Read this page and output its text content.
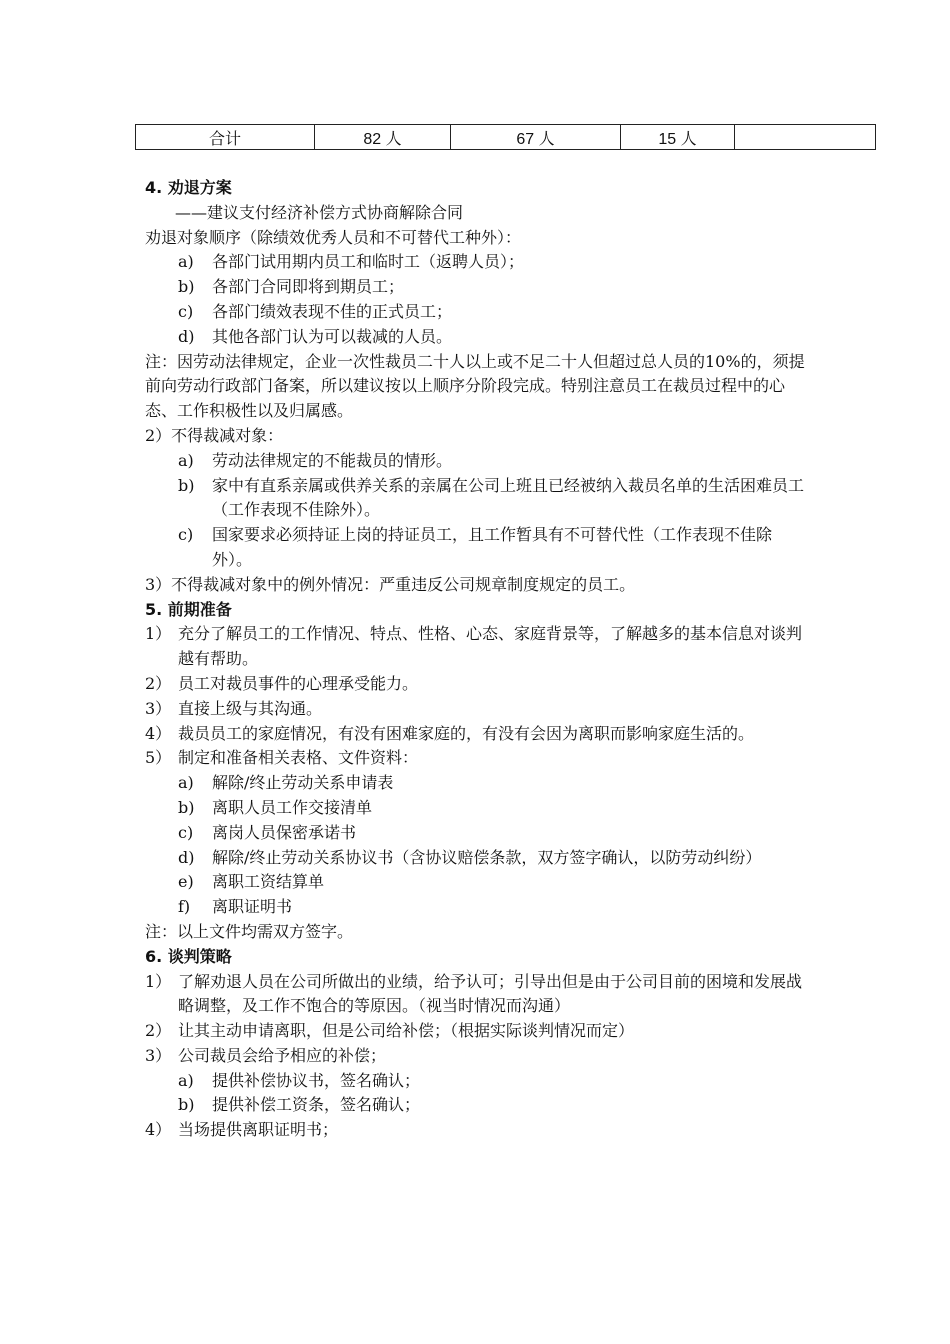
合计	82 人	67 人	15 人	
4. 劝退方案
——建议支付经济补偿方式协商解除合同
劝退对象顺序（除绩效优秀人员和不可替代工种外）：
a)	各部门试用期内员工和临时工（返聘人员）；
b)	各部门合同即将到期员工；
c)	各部门绩效表现不佳的正式员工；
d)	其他各部门认为可以裁减的人员。
注：因劳动法律规定，企业一次性裁员二十人以上或不足二十人但超过总人员的10%的，须提前向劳动行政部门备案，所以建议按以上顺序分阶段完成。特别注意员工在裁员过程中的心态、工作积极性以及归属感。
2）不得裁减对象：
a)	劳动法律规定的不能裁员的情形。
b)	家中有直系亲属或供养关系的亲属在公司上班且已经被纳入裁员名单的生活困难员工（工作表现不佳除外）。
c)	国家要求必须持证上岗的持证员工，且工作暂具有不可替代性（工作表现不佳除外）。
3）不得裁减对象中的例外情况：严重违反公司规章制度规定的员工。
5. 前期准备
1） 充分了解员工的工作情况、特点、性格、心态、家庭背景等，了解越多的基本信息对谈判越有帮助。
2） 员工对裁员事件的心理承受能力。
3） 直接上级与其沟通。
4） 裁员员工的家庭情况，有没有困难家庭的，有没有会因为离职而影响家庭生活的。
5） 制定和准备相关表格、文件资料：
a)	解除/终止劳动关系申请表
b)	离职人员工作交接清单
c)	离岗人员保密承诺书
d)	解除/终止劳动关系协议书（含协议赔偿条款，双方签字确认，以防劳动纠纷）
e)	离职工资结算单
f)	离职证明书
注：以上文件均需双方签字。
6. 谈判策略
1） 了解劝退人员在公司所做出的业绩，给予认可；引导出但是由于公司目前的困境和发展战略调整，及工作不饱合的等原因。（视当时情况而沟通）
2） 让其主动申请离职，但是公司给补偿；（根据实际谈判情况而定）
3） 公司裁员会给予相应的补偿；
a)	提供补偿协议书，签名确认；
b)	提供补偿工资条，签名确认；
4） 当场提供离职证明书；
